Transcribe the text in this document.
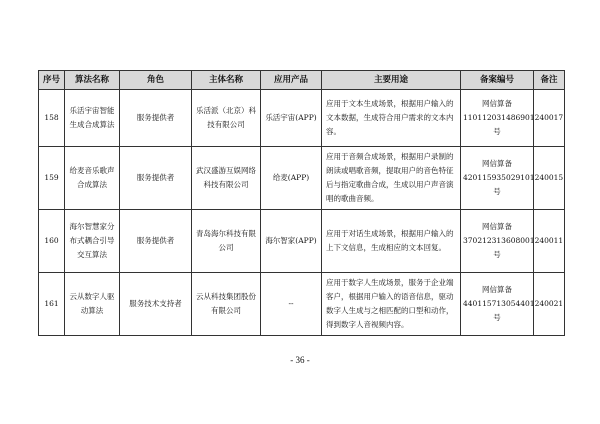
序号	算法名称	角色	主体名称	应用产品	主要用途	备案编号	备注
158	乐活宇宙智能生成合成算法	服务提供者	乐活派（北京）科技有限公司	乐活宇宙(APP)	应用于文本生成场景，根据用户输入的文本数据，生成符合用户需求的文本内容。	网信算备110112031486901240017号	
159	给麦音乐歌声合成算法	服务提供者	武汉盛游互娱网络科技有限公司	给麦(APP)	应用于音频合成场景，根据用户录制的朗读或唱歌音频，提取用户的音色特征后与指定歌曲合成，生成以用户声音演唱的歌曲音频。	网信算备420115935029101240015号	
160	海尔智慧家分布式耦合引导交互算法	服务提供者	青岛海尔科技有限公司	海尔智家(APP)	应用于对话生成场景，根据用户输入的上下文信息，生成相应的文本回复。	网信算备370212313608001240011号	
161	云从数字人驱动算法	服务技术支持者	云从科技集团股份有限公司	--	应用于数字人生成场景，服务于企业端客户，根据用户输入的语音信息，驱动数字人生成与之相匹配的口型和动作，得到数字人音视频内容。	网信算备440115713054401240021号	
- 36 -
